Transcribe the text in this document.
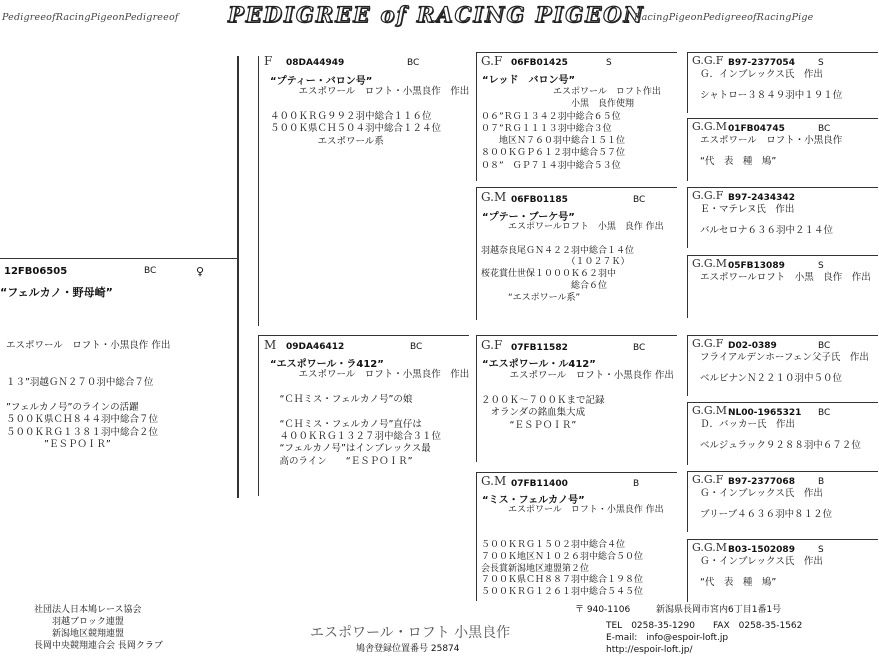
PedigreeofRacingPigeonPedigreeof PEDIGREE of RACING PIGEON
RacingPigeonPedigreeofRacingPige
12FB06505	BC	♀
“フェルカノ・野母崎”
エスポワール　ロフト・小黒良作 作出

１３”羽越ＧＮ２７０羽中総合７位

”フェルカノ号”のラインの活躍
５００Ｋ県ＣＨ８４４羽中総合７位
５００ＫＲＧ１３８１羽中総合２位
　　　　”ＥＳＰＯＩＲ”
F 08DA44949	BC
“プティー・バロン号”
　　　エスポワール　ロフト・小黒良作　作出

４００ＫＲＧ９９２羽中総合１１６位
５００Ｋ県ＣＨ５０４羽中総合１２４位
　　　　　エスポワール系
M 09DA46412	BC
“エスポワール・ラ412”
　　　エスポワール　ロフト・小黒良作　作出

　“ＣＨミス・フェルカノ号”の娘

　“ＣＨミス・フェルカノ号”直仔は
　４００ＫＲＧ１３２７羽中総合３１位
　“フェルカノ号”はインブレックス最
　高のライン　　“ＥＳＰＯＩＲ”
G.F 06FB01425	S
“レッド　バロン号”
　　　　　　　　エスポワール　ロフト作出
　　　　　　　　　　小黒　良作使翔
０６”ＲＧ１３４２羽中総合６５位
０７”ＲＧ１１１３羽中総合３位
　　地区Ｎ７６０羽中総合１５１位
８００ＫＧＰ６１２羽中総合５７位
０８”　ＧＰ７１４羽中総合５３位
G.M 06FB01185	BC
“プテー・ブーケ号”
　　　エスポワールロフト　小黒　良作 作出

羽越奈良尾ＧＮ４２２羽中総合１４位
　　　　　　　　　　（１０２７Ｋ）
桜花賞仕世保１０００Ｋ６２羽中
　　　　　　　　　　総合６位
　　　“エスポワール系”
G.F 07FB11582	BC
“エスポワール・ル412”
　　　エスポワール　ロフト・小黒良作 作出

２００Ｋ～７００Ｋまで記録
　オランダの銘血集大成
　　　“ＥＳＰＯＩＲ”
G.M 07FB11400	B
“ミス・フェルカノ号”
　　　エスポワール　ロフト・小黒良作 作出

５００ＫＲＧ１５０２羽中総合４位
７００Ｋ地区Ｎ１０２６羽中総合５０位
会長賞新潟地区連盟第２位
７００Ｋ県ＣＨ８８７羽中総合１９８位
５００ＫＲＧ１２６１羽中総合５４５位
G.G.F B97-2377054	S
Ｇ．インブレックス氏　作出
シャトロー３８４９羽中１９１位
G.G.M 01FB04745	BC
エスポワール　ロフト・小黒良作
“代　表　種　鳩”
G.G.F B97-2434342
Ｅ・マテレヌ氏　作出
バルセロナ６３６羽中２１４位
G.G.M 05FB13089	S
エスポワールロフト　小黒　良作　作出
G.G.F D02-0389	BC
フライアルデンホーフェン父子氏　作出
ベルビナンＮ２２１０羽中５０位
G.G.M NL00-1965321 BC
Ｄ．バッカー氏　作出
ベルジュラック９２８８羽中６７２位
G.G.F B97-2377068	B
Ｇ・インブレックス氏　作出
ブリーブ４６３６羽中８１２位
G.G.M B03-1502089	S
Ｇ・インブレックス氏　作出
“代　表　種　鳩”
社団法人日本鳩レース協会
　　羽越ブロック連盟
　　新潟地区競翔連盟
長岡中央競翔連合会 長岡クラブ
エスポワール・ロフト 小黒良作
鳩舎登録位置番号 25874
〒 940-1106	新潟県長岡市宮内6丁目1番1号
TEL　0258-35-1290　　FAX　0258-35-1562
E-mail:　info@espoir-loft.jp
http://espoir-loft.jp/
